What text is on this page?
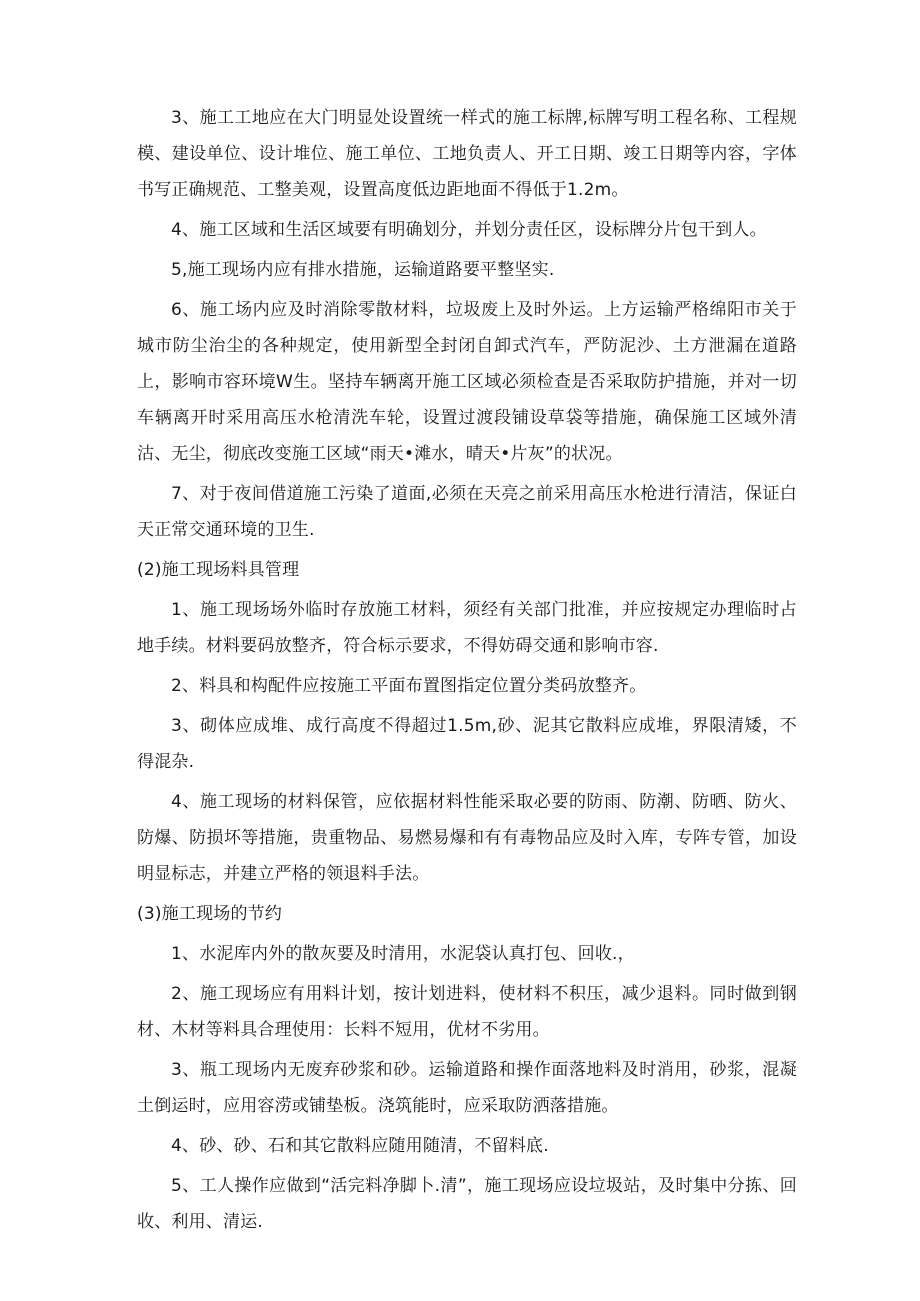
3、施工工地应在大门明显处设置统一样式的施工标牌,标牌写明工程名称、工程规模、建设单位、设计堆位、施工单位、工地负责人、开工日期、竣工日期等内容，字体书写正确规范、工整美观，设置高度低边距地面不得低于1.2m。

4、施工区域和生活区域要有明确划分，并划分责任区，设标牌分片包干到人。

5,施工现场内应有排水措施，运输道路要平整坚实.

6、施工场内应及时消除零散材料，垃圾废上及时外运。上方运输严格绵阳市关于城市防尘治尘的各种规定，使用新型全封闭自卸式汽车，严防泥沙、土方泄漏在道路上，影响市容环境W生。坚持车辆离开施工区域必须检查是否采取防护措施，并对一切车辆离开时采用高压水枪清洗车轮，设置过渡段铺设草袋等措施，确保施工区域外清沽、无尘，彻底改变施工区域“雨天•滩水，晴天•片灰”的状况。

7、对于夜间借道施工污染了道面,必须在天亮之前采用高压水枪进行清洁，保证白天正常交通环境的卫生.

(2)施工现场料具管理

1、施工现场场外临时存放施工材料，须经有关部门批准，并应按规定办理临时占地手续。材料要码放整齐，符合标示要求，不得妨碍交通和影响市容.

2、料具和构配件应按施工平面布置图指定位置分类码放整齐。

3、砌体应成堆、成行高度不得超过1.5m,砂、泥其它散料应成堆，界限清矮，不得混杂.

4、施工现场的材料保管，应依据材料性能采取必要的防雨、防潮、防晒、防火、防爆、防损坏等措施，贵重物品、易燃易爆和有有毒物品应及时入库，专阵专管，加设明显标志，并建立严格的领退料手法。

(3)施工现场的节约

1、水泥库内外的散灰要及时清用，水泥袋认真打包、回收.，

2、施工现场应有用料计划，按计划进料，使材料不积压，减少退料。同时做到钢材、木材等料具合理使用：长料不短用，优材不劣用。

3、瓶工现场内无废弃砂浆和砂。运输道路和操作面落地料及时消用，砂浆，混凝土倒运时，应用容涝或铺垫板。浇筑能时，应采取防洒落措施。

4、砂、砂、石和其它散料应随用随清，不留料底.

5、工人操作应做到“活完料净脚卜.清”，施工现场应设垃圾站，及时集中分拣、回收、利用、清运.
